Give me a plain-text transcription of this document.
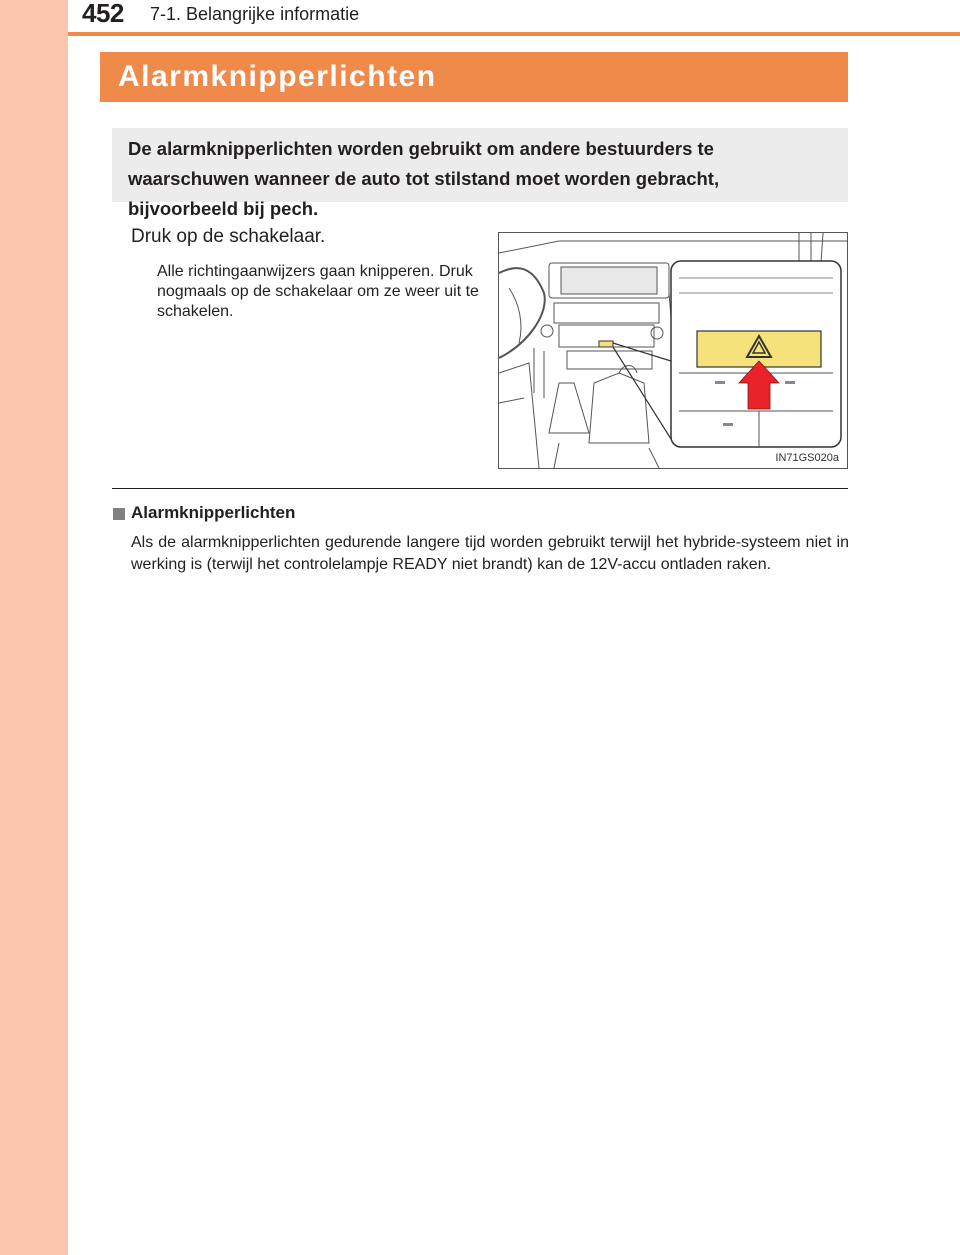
452 7-1. Belangrijke informatie
Alarmknipperlichten
De alarmknipperlichten worden gebruikt om andere bestuurders te waarschuwen wanneer de auto tot stilstand moet worden gebracht, bijvoorbeeld bij pech.
Druk op de schakelaar.
Alle richtingaanwijzers gaan knipperen. Druk nogmaals op de schakelaar om ze weer uit te schakelen.
IN71GS020a
Alarmknipperlichten
Als de alarmknipperlichten gedurende langere tijd worden gebruikt terwijl het hybride-systeem niet in werking is (terwijl het controlelampje READY niet brandt) kan de 12V-accu ontladen raken.
